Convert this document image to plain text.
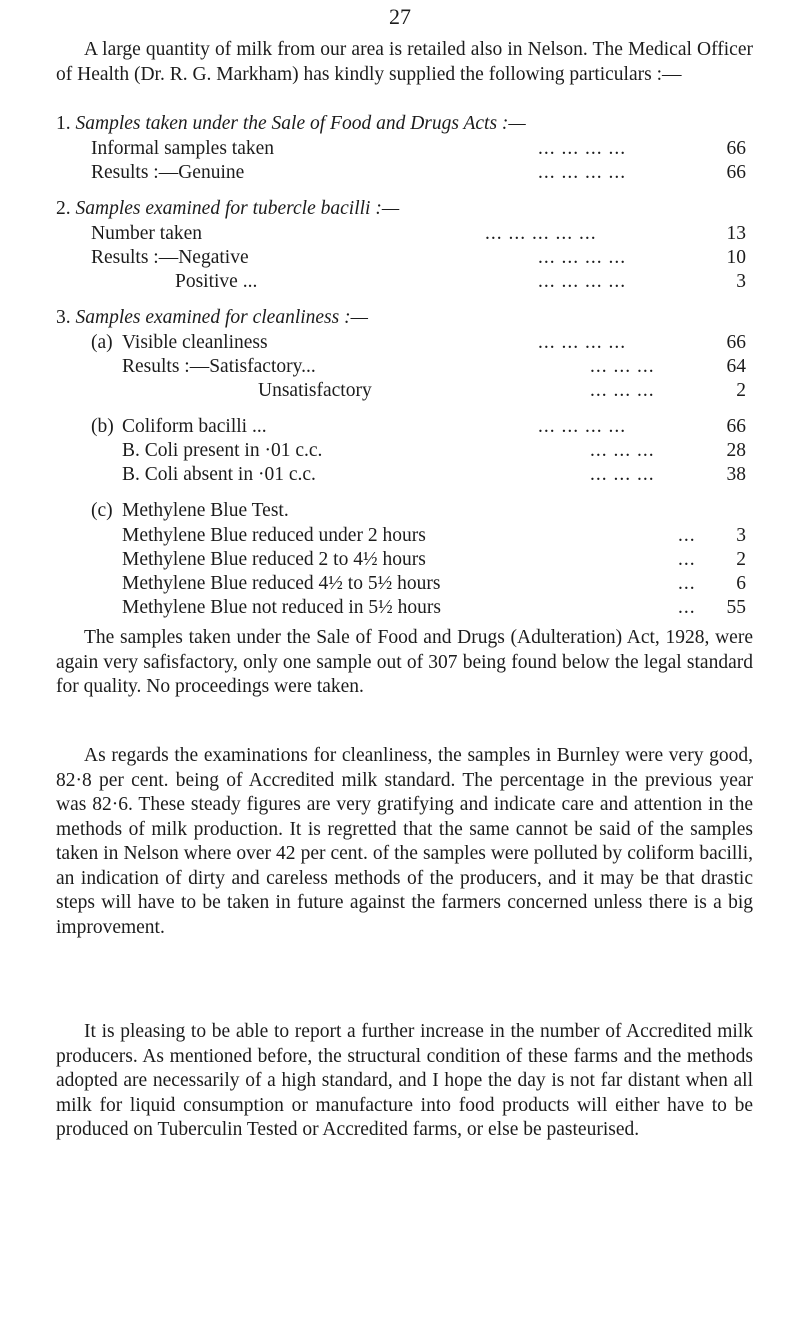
27

A large quantity of milk from our area is retailed also in Nelson. The Medical Officer of Health (Dr. R. G. Markham) has kindly supplied the following particulars :—

1. Samples taken under the Sale of Food and Drugs Acts :—
Informal samples taken	... ... ... ...	66
Results :—Genuine	... ... ... ...	66
2. Samples examined for tubercle bacilli :—
Number taken	... ... ... ... ...	13
Results :—Negative	... ... ... ...	10
Positive ...	... ... ... ...	3
3. Samples examined for cleanliness :—
(a) Visible cleanliness	... ... ... ...	66
Results :—Satisfactory...	... ... ...	64
Unsatisfactory	... ... ...	2
(b) Coliform bacilli ...	... ... ... ...	66
B. Coli present in ·01 c.c.	... ... ...	28
B. Coli absent in ·01 c.c.	... ... ...	38
(c) Methylene Blue Test.
Methylene Blue reduced under 2 hours	...	3
Methylene Blue reduced 2 to 4½ hours	...	2
Methylene Blue reduced 4½ to 5½ hours	...	6
Methylene Blue not reduced in 5½ hours	...	55

The samples taken under the Sale of Food and Drugs (Adulteration) Act, 1928, were again very safisfactory, only one sample out of 307 being found below the legal standard for quality. No proceedings were taken.

As regards the examinations for cleanliness, the samples in Burnley were very good, 82·8 per cent. being of Accredited milk standard. The percentage in the previous year was 82·6. These steady figures are very gratifying and indicate care and attention in the methods of milk production. It is regretted that the same cannot be said of the samples taken in Nelson where over 42 per cent. of the samples were polluted by coliform bacilli, an indication of dirty and careless methods of the producers, and it may be that drastic steps will have to be taken in future against the farmers concerned unless there is a big improvement.

It is pleasing to be able to report a further increase in the number of Accredited milk producers. As mentioned before, the structural condition of these farms and the methods adopted are necessarily of a high standard, and I hope the day is not far distant when all milk for liquid consumption or manufacture into food products will either have to be produced on Tuberculin Tested or Accredited farms, or else be pasteurised.
